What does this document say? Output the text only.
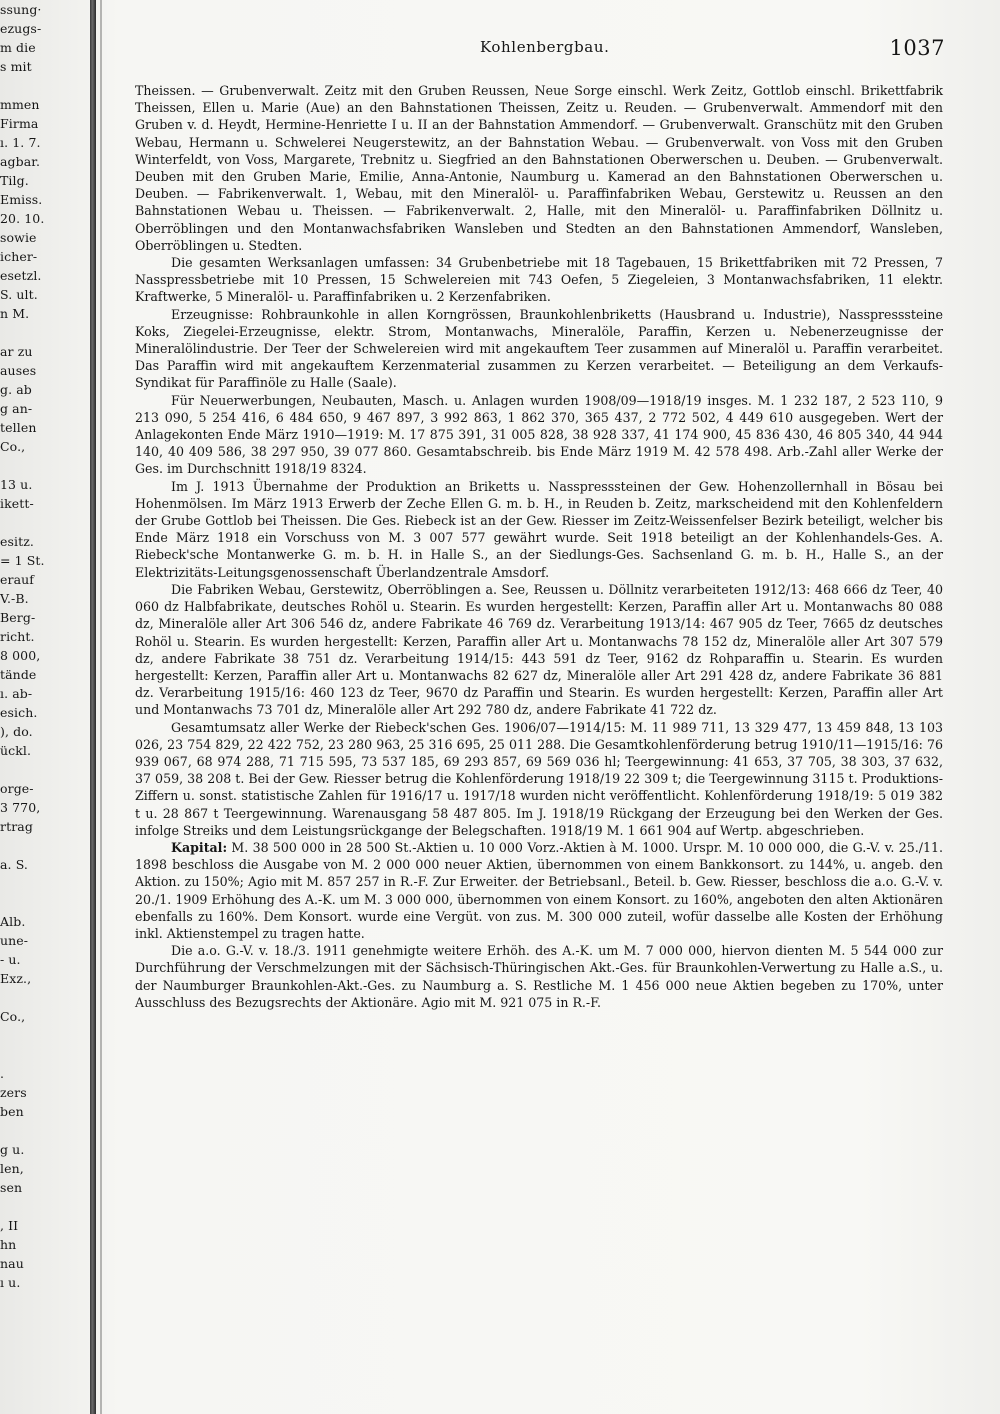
ssung·
ezugs-
m die
s mit

mmen
Firma
ı. 1. 7.
agbar.
Tilg.
Emiss.
20. 10.
sowie
icher-
esetzl.
S. ult.
n M.

ar zu
auses
g. ab
g an-
tellen
Co.,

13 u.
ikett-

esitz.
= 1 St.
erauf
V.-B.
Berg-
richt.
8 000,
tände
ı. ab-
esich.
), do.
ückl.

orge-
3 770,
rtrag

a. S.

Alb.
une-
- u.
Exz.,

Co.,

.
zers
ben

g u.
len,
sen

, II
hn
nau
ı u.
Kohlenbergbau.	1037

Theissen. — Grubenverwalt. Zeitz mit den Gruben Reussen, Neue Sorge einschl. Werk Zeitz, Gottlob einschl. Brikettfabrik Theissen, Ellen u. Marie (Aue) an den Bahnstationen Theissen, Zeitz u. Reuden. — Grubenverwalt. Ammendorf mit den Gruben v. d. Heydt, Hermine-Henriette I u. II an der Bahnstation Ammendorf. — Grubenverwalt. Granschütz mit den Gruben Webau, Hermann u. Schwelerei Neugerstewitz, an der Bahnstation Webau. — Grubenverwalt. von Voss mit den Gruben Winterfeldt, von Voss, Margarete, Trebnitz u. Siegfried an den Bahnstationen Oberwerschen u. Deuben. — Grubenverwalt. Deuben mit den Gruben Marie, Emilie, Anna-Antonie, Naumburg u. Kamerad an den Bahnstationen Oberwerschen u. Deuben. — Fabrikenverwalt. 1, Webau, mit den Mineralöl- u. Paraffinfabriken Webau, Gerstewitz u. Reussen an den Bahnstationen Webau u. Theissen. — Fabrikenverwalt. 2, Halle, mit den Mineralöl- u. Paraffinfabriken Döllnitz u. Oberröblingen und den Montanwachsfabriken Wansleben und Stedten an den Bahnstationen Ammendorf, Wansleben, Oberröblingen u. Stedten.

Die gesamten Werksanlagen umfassen: 34 Grubenbetriebe mit 18 Tagebauen, 15 Brikettfabriken mit 72 Pressen, 7 Nasspressbetriebe mit 10 Pressen, 15 Schwelereien mit 743 Oefen, 5 Ziegeleien, 3 Montanwachsfabriken, 11 elektr. Kraftwerke, 5 Mineralöl- u. Paraffinfabriken u. 2 Kerzenfabriken.

Erzeugnisse: Rohbraunkohle in allen Korngrössen, Braunkohlenbriketts (Hausbrand u. Industrie), Nasspresssteine Koks, Ziegelei-Erzeugnisse, elektr. Strom, Montanwachs, Mineralöle, Paraffin, Kerzen u. Nebenerzeugnisse der Mineralölindustrie. Der Teer der Schwelereien wird mit angekauftem Teer zusammen auf Mineralöl u. Paraffin verarbeitet. Das Paraffin wird mit angekauftem Kerzenmaterial zusammen zu Kerzen verarbeitet. — Beteiligung an dem Verkaufs-Syndikat für Paraffinöle zu Halle (Saale).

Für Neuerwerbungen, Neubauten, Masch. u. Anlagen wurden 1908/09—1918/19 insges. M. 1 232 187, 2 523 110, 9 213 090, 5 254 416, 6 484 650, 9 467 897, 3 992 863, 1 862 370, 365 437, 2 772 502, 4 449 610 ausgegeben. Wert der Anlagekonten Ende März 1910—1919: M. 17 875 391, 31 005 828, 38 928 337, 41 174 900, 45 836 430, 46 805 340, 44 944 140, 40 409 586, 38 297 950, 39 077 860. Gesamtabschreib. bis Ende März 1919 M. 42 578 498. Arb.-Zahl aller Werke der Ges. im Durchschnitt 1918/19 8324.

Im J. 1913 Übernahme der Produktion an Briketts u. Nasspresssteinen der Gew. Hohenzollernhall in Bösau bei Hohenmölsen. Im März 1913 Erwerb der Zeche Ellen G. m. b. H., in Reuden b. Zeitz, markscheidend mit den Kohlenfeldern der Grube Gottlob bei Theissen. Die Ges. Riebeck ist an der Gew. Riesser im Zeitz-Weissenfelser Bezirk beteiligt, welcher bis Ende März 1918 ein Vorschuss von M. 3 007 577 gewährt wurde. Seit 1918 beteiligt an der Kohlenhandels-Ges. A. Riebeck'sche Montanwerke G. m. b. H. in Halle S., an der Siedlungs-Ges. Sachsenland G. m. b. H., Halle S., an der Elektrizitäts-Leitungsgenossenschaft Überlandzentrale Amsdorf.

Die Fabriken Webau, Gerstewitz, Oberröblingen a. See, Reussen u. Döllnitz verarbeiteten 1912/13: 468 666 dz Teer, 40 060 dz Halbfabrikate, deutsches Rohöl u. Stearin. Es wurden hergestellt: Kerzen, Paraffin aller Art u. Montanwachs 80 088 dz, Mineralöle aller Art 306 546 dz, andere Fabrikate 46 769 dz. Verarbeitung 1913/14: 467 905 dz Teer, 7665 dz deutsches Rohöl u. Stearin. Es wurden hergestellt: Kerzen, Paraffin aller Art u. Montanwachs 78 152 dz, Mineralöle aller Art 307 579 dz, andere Fabrikate 38 751 dz. Verarbeitung 1914/15: 443 591 dz Teer, 9162 dz Rohparaffin u. Stearin. Es wurden hergestellt: Kerzen, Paraffin aller Art u. Montanwachs 82 627 dz, Mineralöle aller Art 291 428 dz, andere Fabrikate 36 881 dz. Verarbeitung 1915/16: 460 123 dz Teer, 9670 dz Paraffin und Stearin. Es wurden hergestellt: Kerzen, Paraffin aller Art und Montanwachs 73 701 dz, Mineralöle aller Art 292 780 dz, andere Fabrikate 41 722 dz.

Gesamtumsatz aller Werke der Riebeck'schen Ges. 1906/07—1914/15: M. 11 989 711, 13 329 477, 13 459 848, 13 103 026, 23 754 829, 22 422 752, 23 280 963, 25 316 695, 25 011 288. Die Gesamtkohlenförderung betrug 1910/11—1915/16: 76 939 067, 68 974 288, 71 715 595, 73 537 185, 69 293 857, 69 569 036 hl; Teergewinnung: 41 653, 37 705, 38 303, 37 632, 37 059, 38 208 t. Bei der Gew. Riesser betrug die Kohlenförderung 1918/19 22 309 t; die Teergewinnung 3115 t. Produktions-Ziffern u. sonst. statistische Zahlen für 1916/17 u. 1917/18 wurden nicht veröffentlicht. Kohlenförderung 1918/19: 5 019 382 t u. 28 867 t Teergewinnung. Warenausgang 58 487 805. Im J. 1918/19 Rückgang der Erzeugung bei den Werken der Ges. infolge Streiks und dem Leistungsrückgange der Belegschaften. 1918/19 M. 1 661 904 auf Wertp. abgeschrieben.

Kapital: M. 38 500 000 in 28 500 St.-Aktien u. 10 000 Vorz.-Aktien à M. 1000. Urspr. M. 10 000 000, die G.-V. v. 25./11. 1898 beschloss die Ausgabe von M. 2 000 000 neuer Aktien, übernommen von einem Bankkonsort. zu 144%, u. angeb. den Aktion. zu 150%; Agio mit M. 857 257 in R.-F. Zur Erweiter. der Betriebsanl., Beteil. b. Gew. Riesser, beschloss die a.o. G.-V. v. 20./1. 1909 Erhöhung des A.-K. um M. 3 000 000, übernommen von einem Konsort. zu 160%, angeboten den alten Aktionären ebenfalls zu 160%. Dem Konsort. wurde eine Vergüt. von zus. M. 300 000 zuteil, wofür dasselbe alle Kosten der Erhöhung inkl. Aktienstempel zu tragen hatte.

Die a.o. G.-V. v. 18./3. 1911 genehmigte weitere Erhöh. des A.-K. um M. 7 000 000, hiervon dienten M. 5 544 000 zur Durchführung der Verschmelzungen mit der Sächsisch-Thüringischen Akt.-Ges. für Braunkohlen-Verwertung zu Halle a.S., u. der Naumburger Braunkohlen-Akt.-Ges. zu Naumburg a. S. Restliche M. 1 456 000 neue Aktien begeben zu 170%, unter Ausschluss des Bezugsrechts der Aktionäre. Agio mit M. 921 075 in R.-F.
